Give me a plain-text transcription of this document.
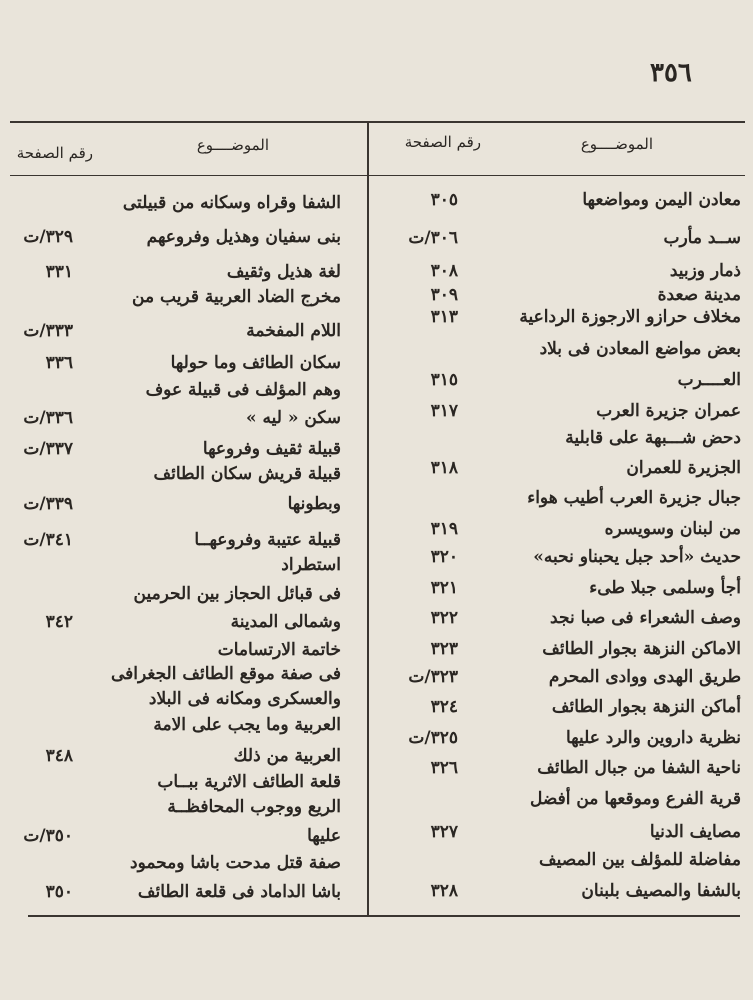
٣٥٦
الموضــــوع
رقم الصفحة
الموضــــوع
رقم الصفحة
معادن اليمن ومواضعها
٣٠٥
ســد مأرب
٣٠٦/ت
ذمار وزبيد
٣٠٨
مدينة صعدة
٣٠٩
مخلاف حرازو الارجوزة الرداعية
٣١٣
بعض مواضع المعادن فى بلاد
العــــرب
٣١٥
عمران جزيرة العرب
٣١٧
دحض شـــبهة على قابلية
الجزيرة للعمران
٣١٨
جبال جزيرة العرب أطيب هواء
من لبنان وسويسره
٣١٩
حديث «أحد جبل يحبناو نحبه»
٣٢٠
أجأ وسلمى جبلا طىء
٣٢١
وصف الشعراء فى صبا نجد
٣٢٢
الاماكن النزهة بجوار الطائف
٣٢٣
طريق الهدى ووادى المحرم
٣٢٣/ت
أماكن النزهة بجوار الطائف
٣٢٤
نظرية داروين والرد عليها
٣٢٥/ت
ناحية الشفا من جبال الطائف
٣٢٦
قرية الفرع وموقعها من أفضل
مصايف الدنيا
٣٢٧
مفاضلة للمؤلف بين المصيف
بالشفا والمصيف بلبنان
٣٢٨
الشفا وقراه وسكانه من قبيلتى
بنى سفيان وهذيل وفروعهم
٣٢٩/ت
لغة هذيل وثقيف
٣٣١
مخرج الضاد العربية قريب من
اللام المفخمة
٣٣٣/ت
سكان الطائف وما حولها
٣٣٦
وهم المؤلف فى قبيلة عوف
سكن « ليه »
٣٣٦/ت
قبيلة ثقيف وفروعها
٣٣٧/ت
قبيلة قريش سكان الطائف
وبطونها
٣٣٩/ت
قبيلة عتيبة وفروعهــا
٣٤١/ت
استطراد
فى قبائل الحجاز بين الحرمين
وشمالى المدينة
٣٤٢
خاتمة الارتسامات
فى صفة موقع الطائف الجغرافى
والعسكرى ومكانه فى البلاد
العربية وما يجب على الامة
العربية من ذلك
٣٤٨
قلعة الطائف الاثرية ببــاب
الريع ووجوب المحافظــة
عليها
٣٥٠/ت
صفة قتل مدحت باشا ومحمود
باشا الداماد فى قلعة الطائف
٣٥٠
